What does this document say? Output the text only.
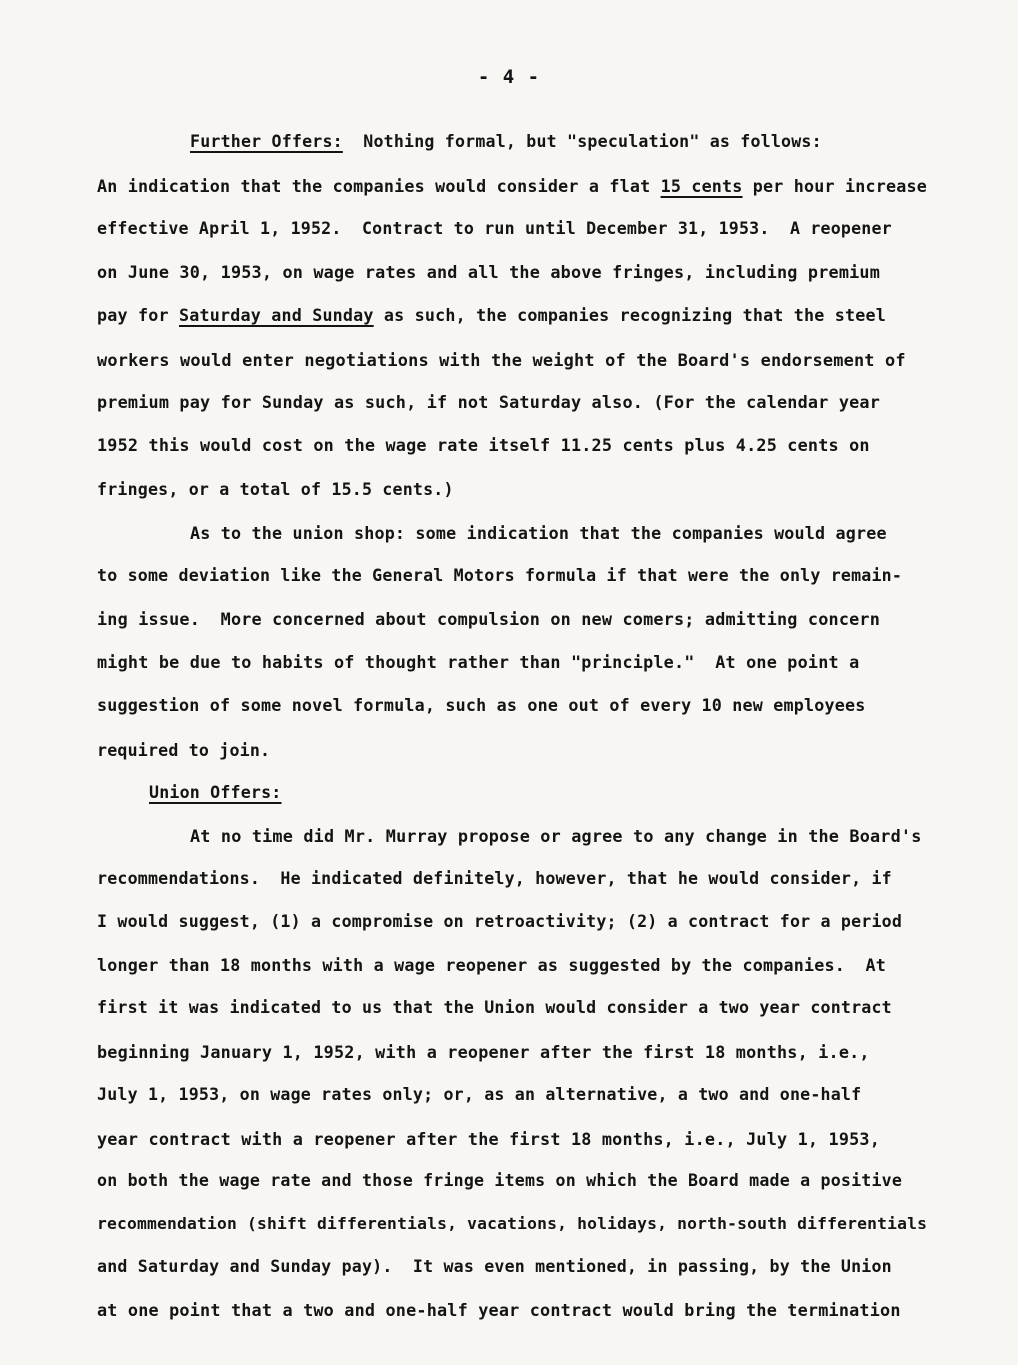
- 4 -
Further Offers: Nothing formal, but "speculation" as follows:
An indication that the companies would consider a flat 15 cents per hour increase
effective April 1, 1952.  Contract to run until December 31, 1953.  A reopener
on June 30, 1953, on wage rates and all the above fringes, including premium
pay for Saturday and Sunday as such, the companies recognizing that the steel
workers would enter negotiations with the weight of the Board's endorsement of
premium pay for Sunday as such, if not Saturday also. (For the calendar year
1952 this would cost on the wage rate itself 11.25 cents plus 4.25 cents on
fringes, or a total of 15.5 cents.)
As to the union shop: some indication that the companies would agree
to some deviation like the General Motors formula if that were the only remain-
ing issue.  More concerned about compulsion on new comers; admitting concern
might be due to habits of thought rather than "principle."  At one point a
suggestion of some novel formula, such as one out of every 10 new employees
required to join.
Union Offers:
At no time did Mr. Murray propose or agree to any change in the Board's
recommendations.  He indicated definitely, however, that he would consider, if
I would suggest, (1) a compromise on retroactivity; (2) a contract for a period
longer than 18 months with a wage reopener as suggested by the companies.  At
first it was indicated to us that the Union would consider a two year contract
beginning January 1, 1952, with a reopener after the first 18 months, i.e.,
July 1, 1953, on wage rates only; or, as an alternative, a two and one-half
year contract with a reopener after the first 18 months, i.e., July 1, 1953,
on both the wage rate and those fringe items on which the Board made a positive
recommendation (shift differentials, vacations, holidays, north-south differentials
and Saturday and Sunday pay).  It was even mentioned, in passing, by the Union
at one point that a two and one-half year contract would bring the termination
